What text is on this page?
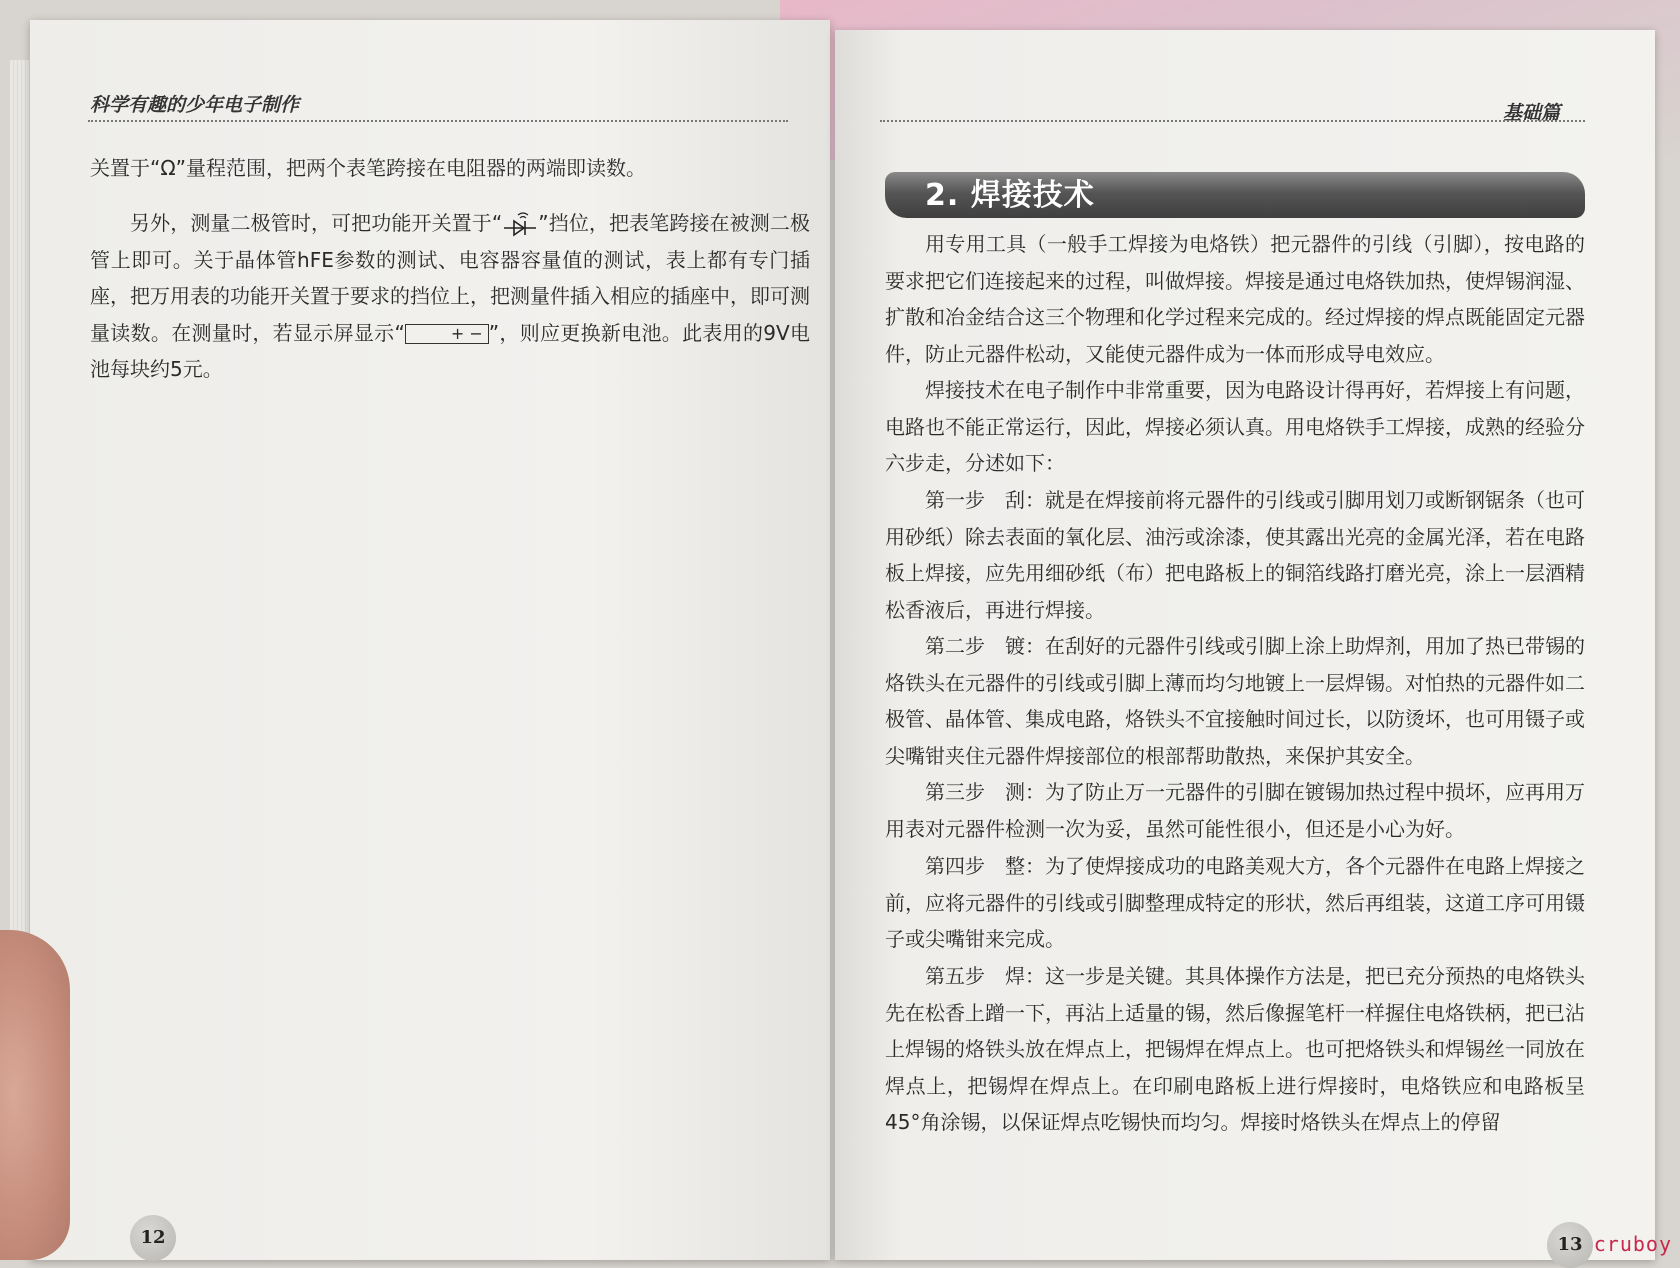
科学有趣的少年电子制作

关置于“Ω”量程范围，把两个表笔跨接在电阻器的两端即读数。

另外，测量二极管时，可把功能开关置于“ ”挡位，把表笔跨接在被测二极管上即可。关于晶体管hFE参数的测试、电容器容量值的测试，表上都有专门插座，把万用表的功能开关置于要求的挡位上，把测量件插入相应的插座中，即可测量读数。在测量时，若显示屏显示“	+ − ”，则应更换新电池。此表用的9V电池每块约5元。

12
基础篇
2. 焊接技术

用专用工具（一般手工焊接为电烙铁）把元器件的引线（引脚），按电路的要求把它们连接起来的过程，叫做焊接。焊接是通过电烙铁加热，使焊锡润湿、扩散和冶金结合这三个物理和化学过程来完成的。经过焊接的焊点既能固定元器件，防止元器件松动，又能使元器件成为一体而形成导电效应。

焊接技术在电子制作中非常重要，因为电路设计得再好，若焊接上有问题，电路也不能正常运行，因此，焊接必须认真。用电烙铁手工焊接，成熟的经验分六步走，分述如下：

第一步　刮：就是在焊接前将元器件的引线或引脚用划刀或断钢锯条（也可用砂纸）除去表面的氧化层、油污或涂漆，使其露出光亮的金属光泽，若在电路板上焊接，应先用细砂纸（布）把电路板上的铜箔线路打磨光亮，涂上一层酒精松香液后，再进行焊接。

第二步　镀：在刮好的元器件引线或引脚上涂上助焊剂，用加了热已带锡的烙铁头在元器件的引线或引脚上薄而均匀地镀上一层焊锡。对怕热的元器件如二极管、晶体管、集成电路，烙铁头不宜接触时间过长，以防烫坏，也可用镊子或尖嘴钳夹住元器件焊接部位的根部帮助散热，来保护其安全。

第三步　测：为了防止万一元器件的引脚在镀锡加热过程中损坏，应再用万用表对元器件检测一次为妥，虽然可能性很小，但还是小心为好。

第四步　整：为了使焊接成功的电路美观大方，各个元器件在电路上焊接之前，应将元器件的引线或引脚整理成特定的形状，然后再组装，这道工序可用镊子或尖嘴钳来完成。

第五步　焊：这一步是关键。其具体操作方法是，把已充分预热的电烙铁头先在松香上蹭一下，再沾上适量的锡，然后像握笔杆一样握住电烙铁柄，把已沾上焊锡的烙铁头放在焊点上，把锡焊在焊点上。也可把烙铁头和焊锡丝一同放在焊点上，把锡焊在焊点上。在印刷电路板上进行焊接时，电烙铁应和电路板呈45°角涂锡，以保证焊点吃锡快而均匀。焊接时烙铁头在焊点上的停留

13 cruboy
